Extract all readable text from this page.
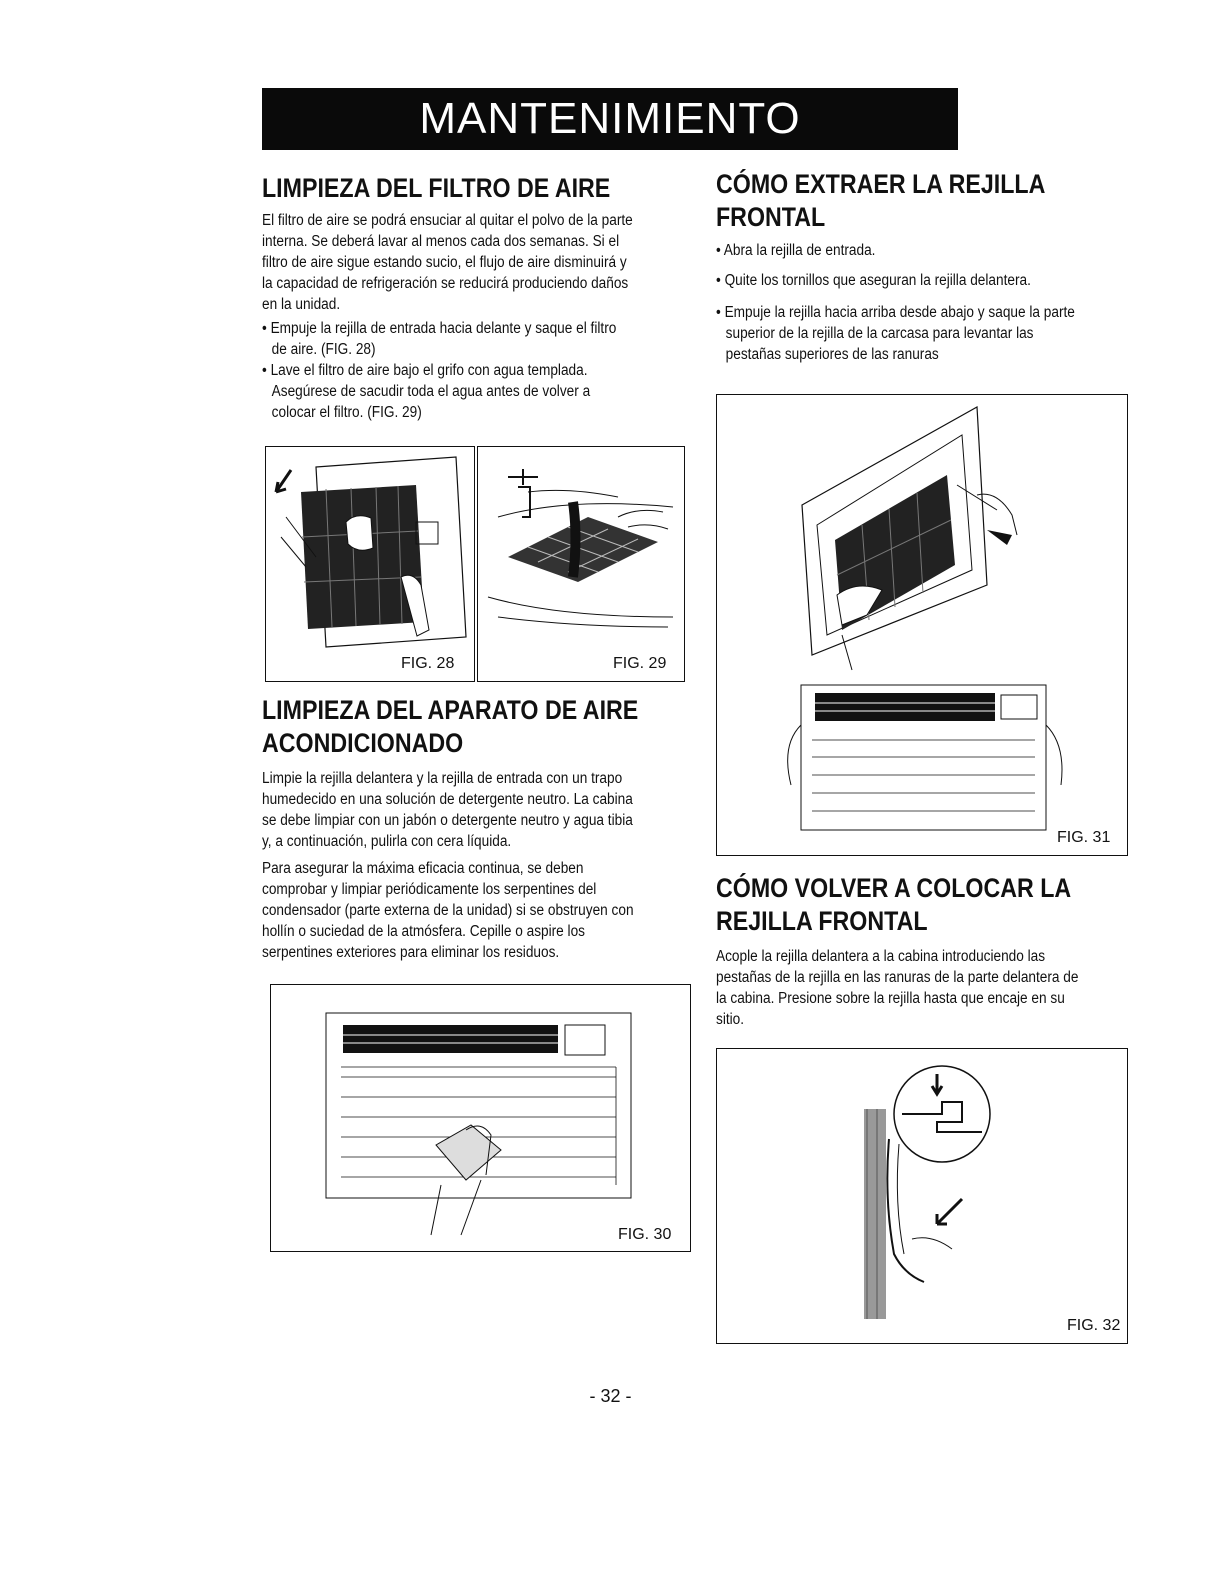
MANTENIMIENTO
LIMPIEZA DEL FILTRO DE AIRE
El filtro de aire se podrá ensuciar al quitar el polvo de la parte
interna. Se deberá lavar al menos cada dos semanas. Si el
filtro de aire sigue estando sucio, el flujo de aire disminuirá y
la capacidad de refrigeración se reducirá produciendo daños
en la unidad.
• Empuje la rejilla de entrada hacia delante y saque el filtro
de aire. (FIG. 28)
• Lave el filtro de aire bajo el grifo con agua templada.
Asegúrese de sacudir toda el agua antes de volver a
colocar el filtro. (FIG. 29)
FIG. 28	FIG. 29
LIMPIEZA DEL APARATO DE AIRE
ACONDICIONADO
Limpie la rejilla delantera y la rejilla de entrada con un trapo
humedecido en una solución de detergente neutro. La cabina
se debe limpiar con un jabón o detergente neutro y agua tibia
y, a continuación, pulirla con cera líquida.
Para asegurar la máxima eficacia continua, se deben
comprobar y limpiar periódicamente los serpentines del
condensador (parte externa de la unidad) si se obstruyen con
hollín o suciedad de la atmósfera. Cepille o aspire los
serpentines exteriores para eliminar los residuos.
FIG. 30
CÓMO EXTRAER LA REJILLA
FRONTAL
• Abra la rejilla de entrada.
• Quite los tornillos que aseguran la rejilla delantera.
• Empuje la rejilla hacia arriba desde abajo y saque la parte
superior de la rejilla de la carcasa para levantar las
pestañas superiores de las ranuras
FIG. 31
CÓMO VOLVER A COLOCAR LA
REJILLA FRONTAL
Acople la rejilla delantera a la cabina introduciendo las
pestañas de la rejilla en las ranuras de la parte delantera de
la cabina. Presione sobre la rejilla hasta que encaje en su
sitio.
FIG. 32
- 32 -
